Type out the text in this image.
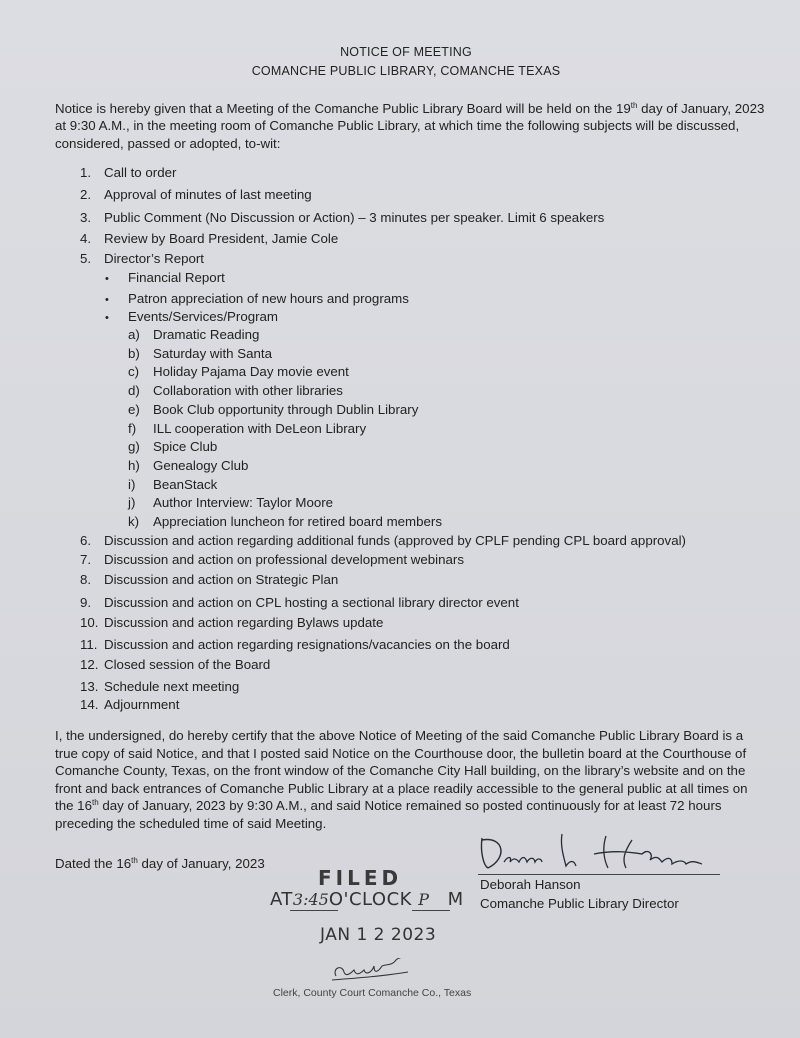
NOTICE OF MEETING
COMANCHE PUBLIC LIBRARY, COMANCHE TEXAS
Notice is hereby given that a Meeting of the Comanche Public Library Board will be held on the 19th day of January, 2023 at 9:30 A.M., in the meeting room of Comanche Public Library, at which time the following subjects will be discussed, considered, passed or adopted, to-wit:
1. Call to order
2. Approval of minutes of last meeting
3. Public Comment (No Discussion or Action) – 3 minutes per speaker. Limit 6 speakers
4. Review by Board President, Jamie Cole
5. Director’s Report
• Financial Report
• Patron appreciation of new hours and programs
• Events/Services/Program
a) Dramatic Reading
b) Saturday with Santa
c) Holiday Pajama Day movie event
d) Collaboration with other libraries
e) Book Club opportunity through Dublin Library
f) ILL cooperation with DeLeon Library
g) Spice Club
h) Genealogy Club
i) BeanStack
j) Author Interview: Taylor Moore
k) Appreciation luncheon for retired board members
6. Discussion and action regarding additional funds (approved by CPLF pending CPL board approval)
7. Discussion and action on professional development webinars
8. Discussion and action on Strategic Plan
9. Discussion and action on CPL hosting a sectional library director event
10. Discussion and action regarding Bylaws update
11. Discussion and action regarding resignations/vacancies on the board
12. Closed session of the Board
13. Schedule next meeting
14. Adjournment
I, the undersigned, do hereby certify that the above Notice of Meeting of the said Comanche Public Library Board is a true copy of said Notice, and that I posted said Notice on the Courthouse door, the bulletin board at the Courthouse of Comanche County, Texas, on the front window of the Comanche City Hall building, on the library’s website and on the front and back entrances of Comanche Public Library at a place readily accessible to the general public at all times on the 16th day of January, 2023 by 9:30 A.M., and said Notice remained so posted continuously for at least 72 hours preceding the scheduled time of said Meeting.
Dated the 16th day of January, 2023
Deborah Hanson
Deborah Hanson
Comanche Public Library Director
FILED
AT3:45O'CLOCK P M
JAN 1 2 2023
Gaby Leahy
Clerk, County Court Comanche Co., Texas
